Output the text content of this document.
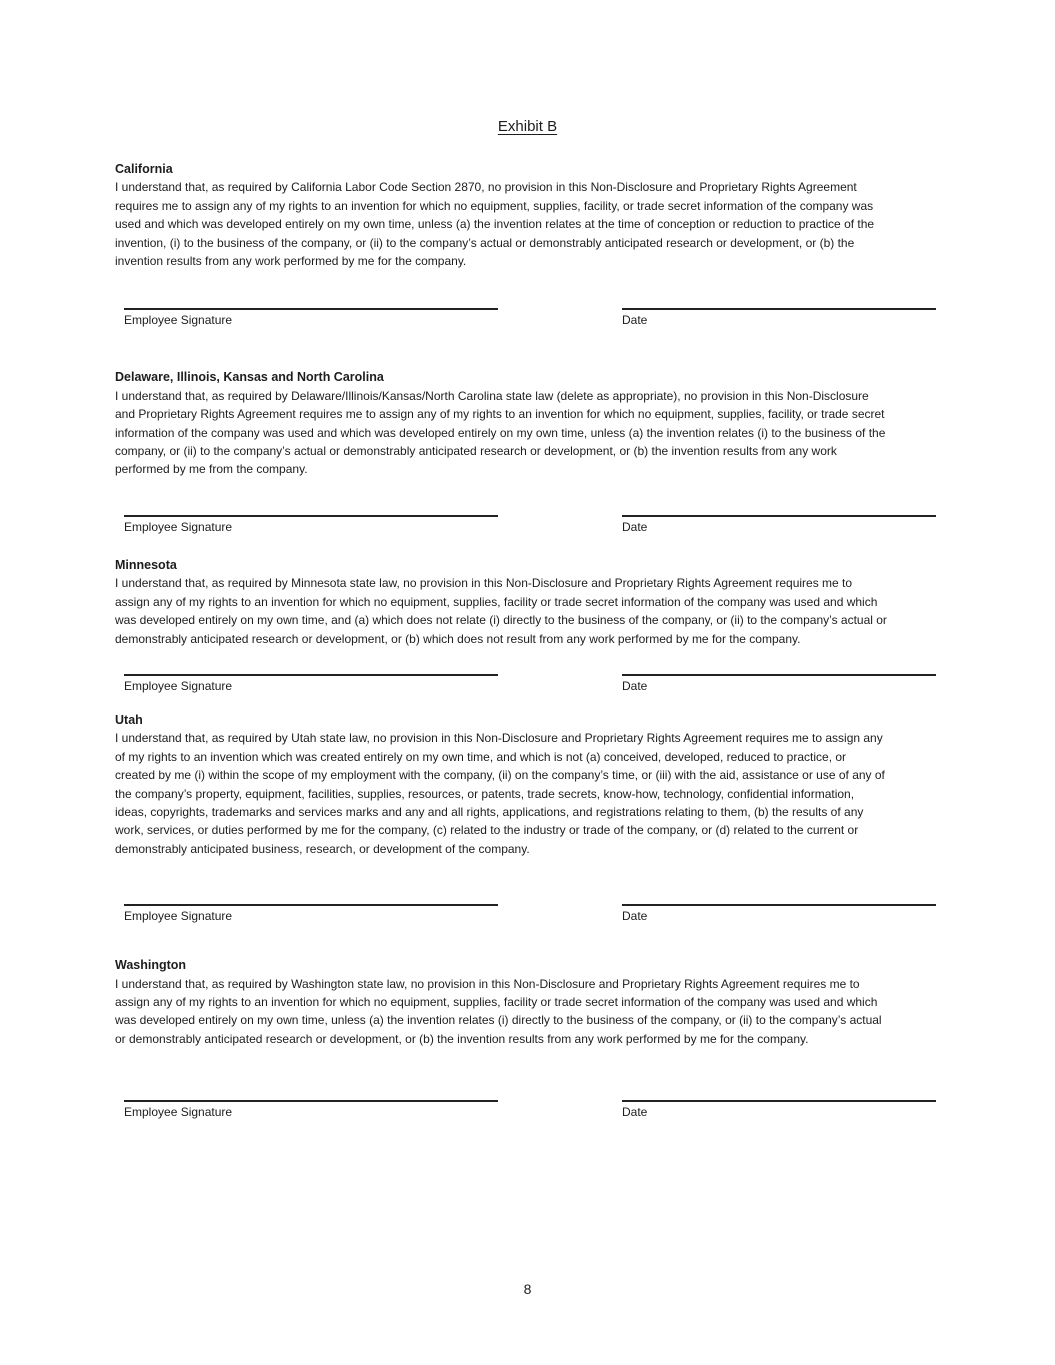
Exhibit B
California

I understand that, as required by California Labor Code Section 2870, no provision in this Non-Disclosure and Proprietary Rights Agreement requires me to assign any of my rights to an invention for which no equipment, supplies, facility, or trade secret information of the company was used and which was developed entirely on my own time, unless (a) the invention relates at the time of conception or reduction to practice of the invention, (i) to the business of the company, or (ii) to the company’s actual or demonstrably anticipated research or development, or (b) the invention results from any work performed by me for the company.

Employee Signature	Date
Delaware, Illinois, Kansas and North Carolina

I understand that, as required by Delaware/Illinois/Kansas/North Carolina state law (delete as appropriate), no provision in this Non-Disclosure and Proprietary Rights Agreement requires me to assign any of my rights to an invention for which no equipment, supplies, facility, or trade secret information of the company was used and which was developed entirely on my own time, unless (a) the invention relates (i) to the business of the company, or (ii) to the company’s actual or demonstrably anticipated research or development, or (b) the invention results from any work performed by me from the company.

Employee Signature	Date
Minnesota

I understand that, as required by Minnesota state law, no provision in this Non-Disclosure and Proprietary Rights Agreement requires me to assign any of my rights to an invention for which no equipment, supplies, facility or trade secret information of the company was used and which was developed entirely on my own time, and (a) which does not relate (i) directly to the business of the company, or (ii) to the company’s actual or demonstrably anticipated research or development, or (b) which does not result from any work performed by me for the company.

Employee Signature	Date
Utah

I understand that, as required by Utah state law, no provision in this Non-Disclosure and Proprietary Rights Agreement requires me to assign any of my rights to an invention which was created entirely on my own time, and which is not (a) conceived, developed, reduced to practice, or created by me (i) within the scope of my employment with the company, (ii) on the company’s time, or (iii) with the aid, assistance or use of any of the company’s property, equipment, facilities, supplies, resources, or patents, trade secrets, know-how, technology, confidential information, ideas, copyrights, trademarks and services marks and any and all rights, applications, and registrations relating to them, (b) the results of any work, services, or duties performed by me for the company, (c) related to the industry or trade of the company, or (d) related to the current or demonstrably anticipated business, research, or development of the company.

Employee Signature	Date
Washington

I understand that, as required by Washington state law, no provision in this Non-Disclosure and Proprietary Rights Agreement requires me to assign any of my rights to an invention for which no equipment, supplies, facility or trade secret information of the company was used and which was developed entirely on my own time, unless (a) the invention relates (i) directly to the business of the company, or (ii) to the company’s actual or demonstrably anticipated research or development, or (b) the invention results from any work performed by me for the company.

Employee Signature	Date
8
